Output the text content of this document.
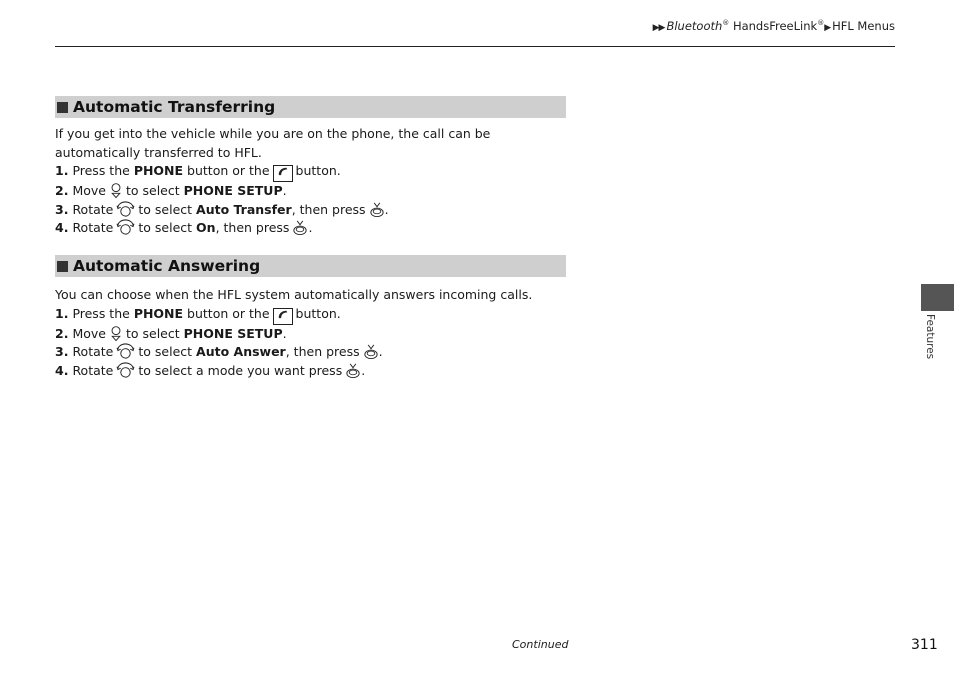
▶▶ Bluetooth® HandsFreeLink®▶ HFL Menus
Automatic Transferring
If you get into the vehicle while you are on the phone, the call can be automatically transferred to HFL.
1. Press the PHONE button or the button.
2. Move to select PHONE SETUP.
3. Rotate to select Auto Transfer, then press .
4. Rotate to select On, then press .
Automatic Answering
You can choose when the HFL system automatically answers incoming calls.
1. Press the PHONE button or the button.
2. Move to select PHONE SETUP.
3. Rotate to select Auto Answer, then press .
4. Rotate to select a mode you want press .
Features
Continued	311
